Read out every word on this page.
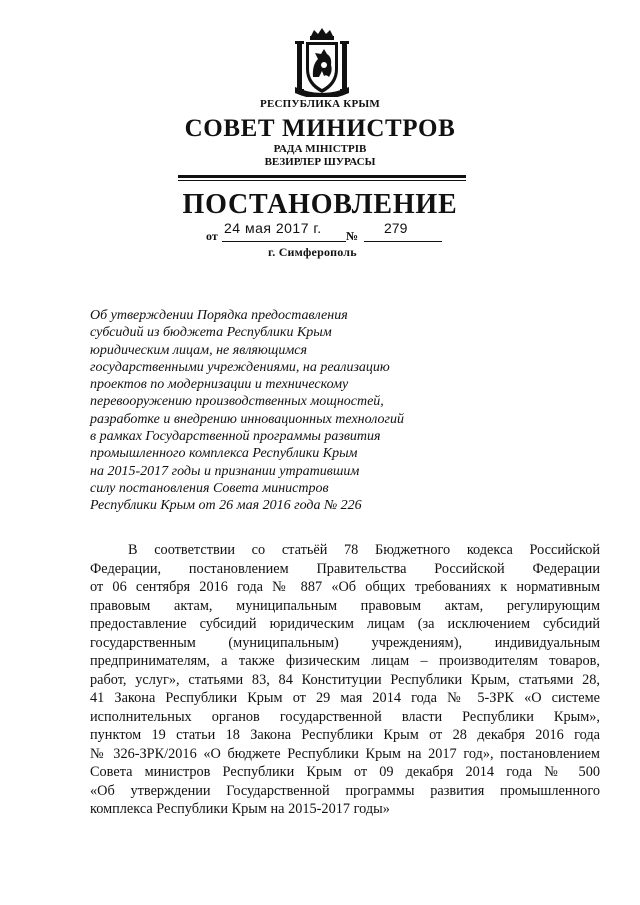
РЕСПУБЛИКА КРЫМ
СОВЕТ МИНИСТРОВ
РАДА МІНІСТРІВ
ВЕЗИРЛЕР ШУРАСЫ
ПОСТАНОВЛЕНИЕ
от 24 мая 2017 г. № 279
г. Симферополь
Об утверждении Порядка предоставления
субсидий из бюджета Республики Крым
юридическим лицам, не являющимся
государственными учреждениями, на реализацию
проектов по модернизации и техническому
перевооружению производственных мощностей,
разработке и внедрению инновационных технологий
в рамках Государственной программы развития
промышленного комплекса Республики Крым
на 2015-2017 годы и признании утратившим
силу постановления Совета министров
Республики Крым от 26 мая 2016 года № 226
В соответствии со статьёй 78 Бюджетного кодекса Российской
Федерации, постановлением Правительства Российской Федерации
от 06 сентября 2016 года № 887 «Об общих требованиях к нормативным
правовым актам, муниципальным правовым актам, регулирующим
предоставление субсидий юридическим лицам (за исключением субсидий
государственным (муниципальным) учреждениям), индивидуальным
предпринимателям, а также физическим лицам – производителям товаров,
работ, услуг», статьями 83, 84 Конституции Республики Крым, статьями 28,
41 Закона Республики Крым от 29 мая 2014 года № 5-ЗРК «О системе
исполнительных органов государственной власти Республики Крым»,
пунктом 19 статьи 18 Закона Республики Крым от 28 декабря 2016 года
№ 326-ЗРК/2016 «О бюджете Республики Крым на 2017 год», постановлением
Совета министров Республики Крым от 09 декабря 2014 года № 500
«Об утверждении Государственной программы развития промышленного
комплекса Республики Крым на 2015-2017 годы»
